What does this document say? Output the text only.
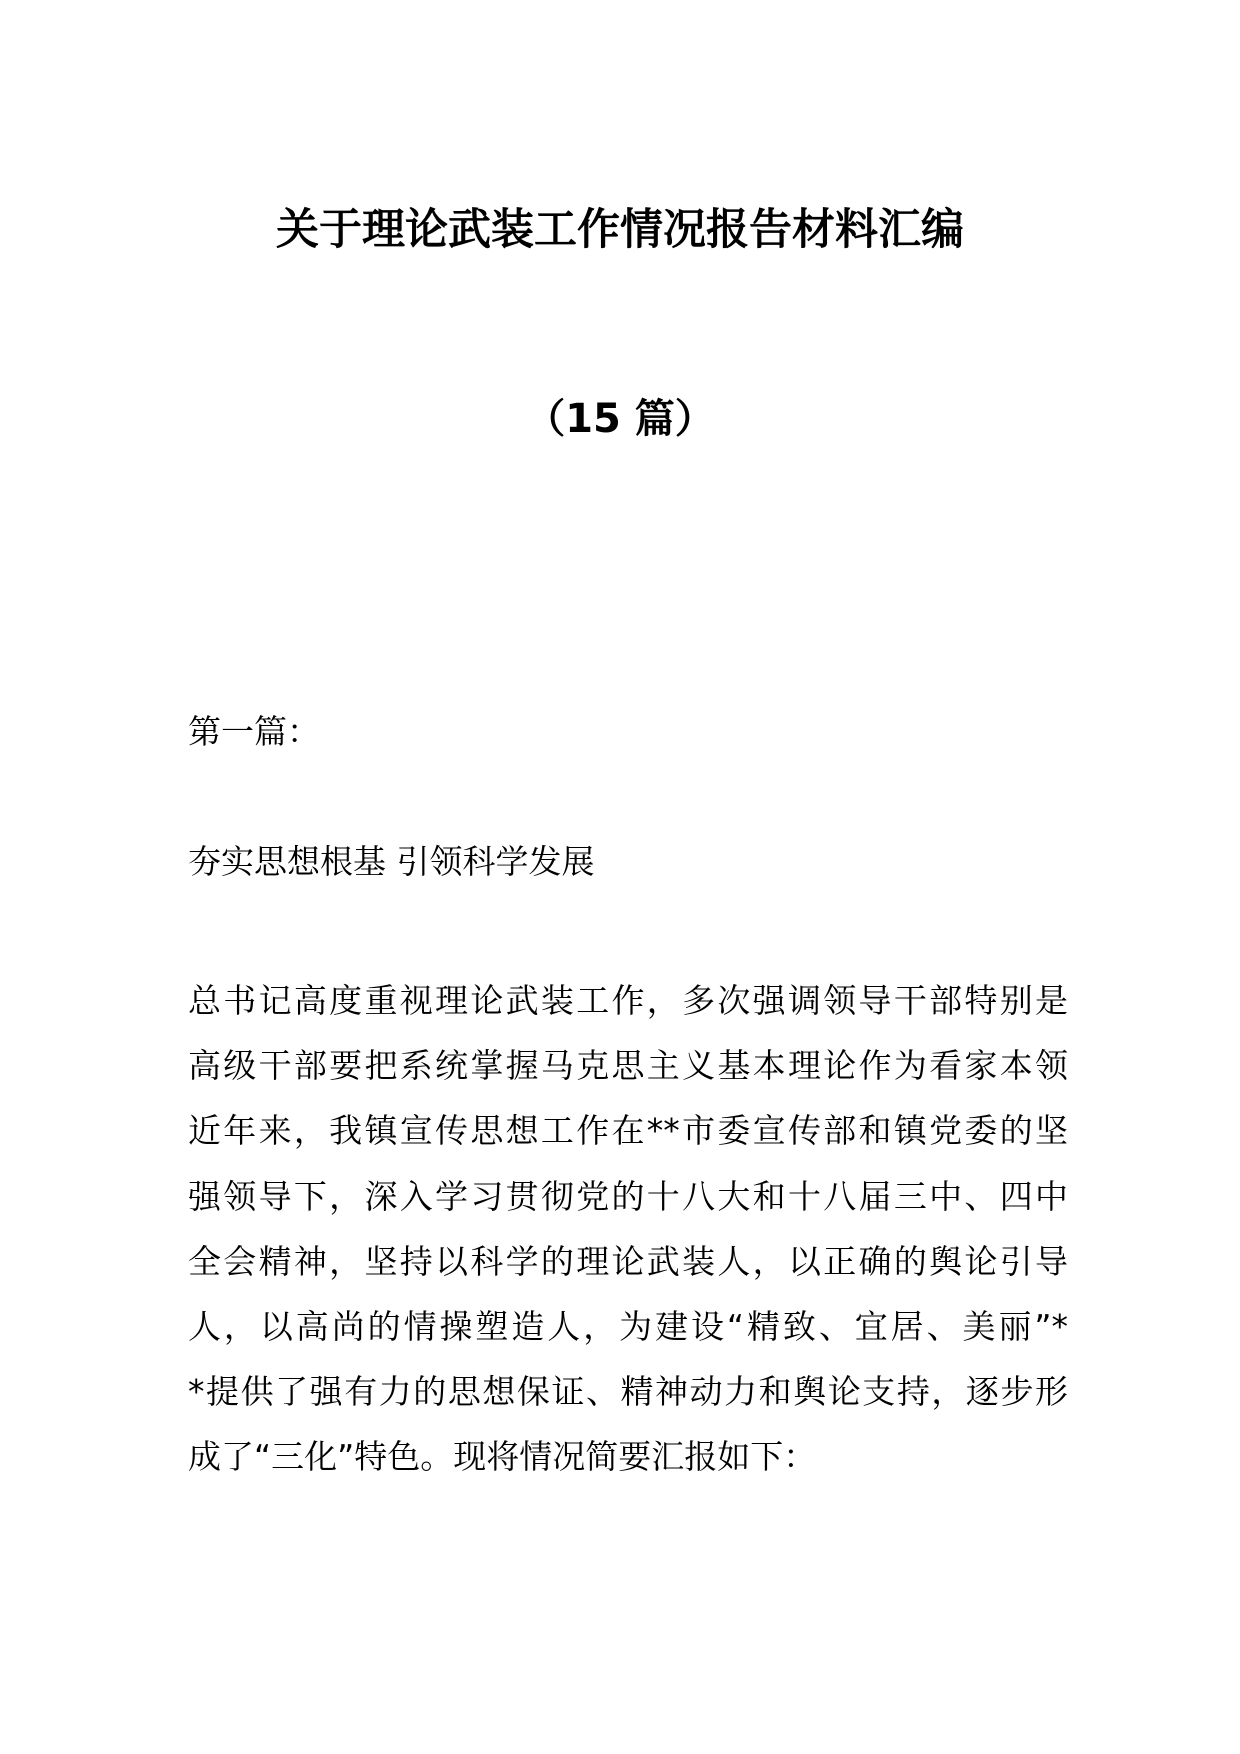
关于理论武装工作情况报告材料汇编
（15 篇）

第一篇：

夯实思想根基 引领科学发展

总书记高度重视理论武装工作，多次强调领导干部特别是
高级干部要把系统掌握马克思主义基本理论作为看家本领
近年来，我镇宣传思想工作在**市委宣传部和镇党委的坚
强领导下，深入学习贯彻党的十八大和十八届三中、四中
全会精神，坚持以科学的理论武装人，以正确的舆论引导
人，以高尚的情操塑造人，为建设“精致、宜居、美丽”*
*提供了强有力的思想保证、精神动力和舆论支持，逐步形
成了“三化”特色。现将情况简要汇报如下：
